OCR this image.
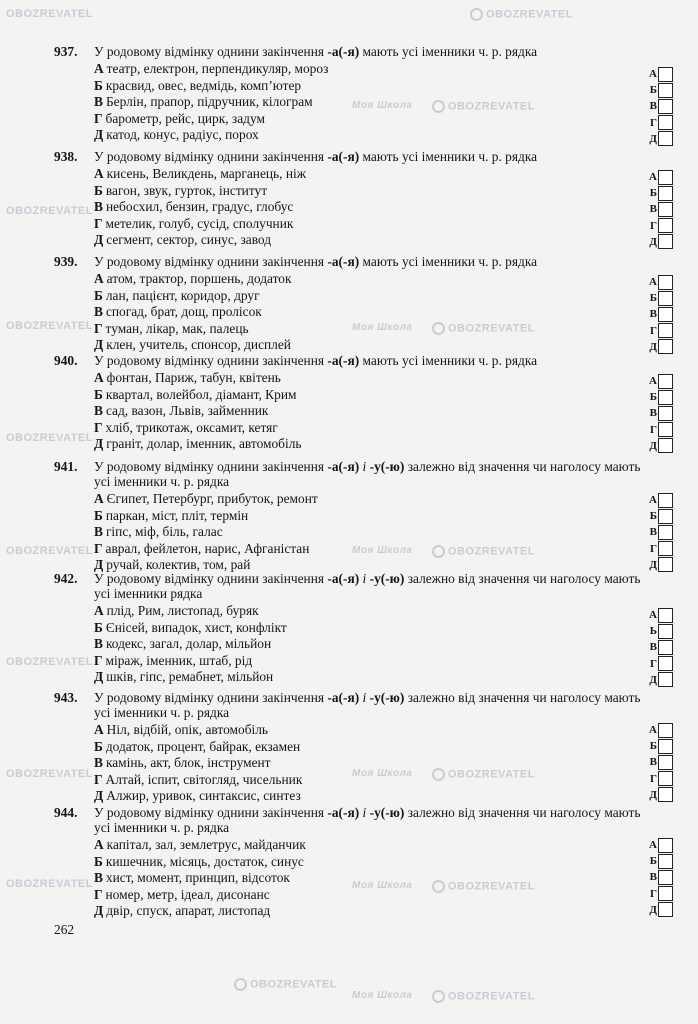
OBOZREVATEL	OBOZREVATEL
Моя Школа	OBOZREVATEL
OBOZREVATEL
OBOZREVATEL	Моя Школа	OBOZREVATEL
OBOZREVATEL
OBOZREVATEL	Моя Школа	OBOZREVATEL
OBOZREVATEL
OBOZREVATEL	Моя Школа	OBOZREVATEL
OBOZREVATEL	Моя Школа	OBOZREVATEL
OBOZREVATEL
Моя Школа	OBOZREVATEL
937.	У родовому відмінку однини закінчення -а(-я) мають усі іменники ч. р. рядка
А театр, електрон, перпендикуляр, мороз
Б красвид, овес, ведмідь, комп’ютер
В Берлін, прапор, підручник, кілограм
Г барометр, рейс, цирк, задум
Д катод, конус, радіус, порох
А
Б
В
Г
Д
938.	У родовому відмінку однини закінчення -а(-я) мають усі іменники ч. р. рядка
А кисень, Великдень, марганець, ніж
Б вагон, звук, гурток, інститут
В небосхил, бензин, градус, глобус
Г метелик, голуб, сусід, сполучник
Д сегмент, сектор, синус, завод
А
Б
В
Г
Д
939.	У родовому відмінку однини закінчення -а(-я) мають усі іменники ч. р. рядка
А атом, трактор, поршень, додаток
Б лан, пацієнт, коридор, друг
В спогад, брат, дощ, пролісок
Г туман, лікар, мак, палець
Д клен, учитель, спонсор, дисплей
А
Б
В
Г
Д
940.	У родовому відмінку однини закінчення -а(-я) мають усі іменники ч. р. рядка
А фонтан, Париж, табун, квітень
Б квартал, волейбол, діамант, Крим
В сад, вазон, Львів, займенник
Г хліб, трикотаж, оксамит, кетяг
Д граніт, долар, іменник, автомобіль
А
Б
В
Г
Д
941.	У родовому відмінку однини закінчення -а(-я) і -у(-ю) залежно від значення чи наголосу мають
усі іменники ч. р. рядка
А Єгипет, Петербург, прибуток, ремонт
Б паркан, міст, пліт, термін
В гіпс, міф, біль, галас
Г аврал, фейлетон, нарис, Афганістан
Д ручай, колектив, том, рай
А
Б
В
Г
Д
942.	У родовому відмінку однини закінчення -а(-я) і -у(-ю) залежно від значення чи наголосу мають
усі іменники рядка
А плід, Рим, листопад, буряк
Б Єнісей, випадок, хист, конфлікт
В кодекс, загал, долар, мільйон
Г міраж, іменник, штаб, рід
Д шків, гіпс, ремабнет, мільйон
А
Ь
В
Г
Д
943.	У родовому відмінку однини закінчення -а(-я) і -у(-ю) залежно від значення чи наголосу мають
усі іменники ч. р. рядка
А Ніл, відбій, опік, автомобіль
Б додаток, процент, байрак, екзамен
В камінь, акт, блок, інструмент
Г Алтай, іспит, світогляд, чисельник
Д Алжир, уривок, синтаксис, синтез
А
Б
В
Г
Д
944.	У родовому відмінку однини закінчення -а(-я) і -у(-ю) залежно від значення чи наголосу мають
усі іменники ч. р. рядка
А капітал, зал, землетрус, майданчик
Б кишечник, місяць, достаток, синус
В хист, момент, принцип, відсоток
Г номер, метр, ідеал, дисонанс
Д двір, спуск, апарат, листопад
А
Б
В
Г
Д
262
